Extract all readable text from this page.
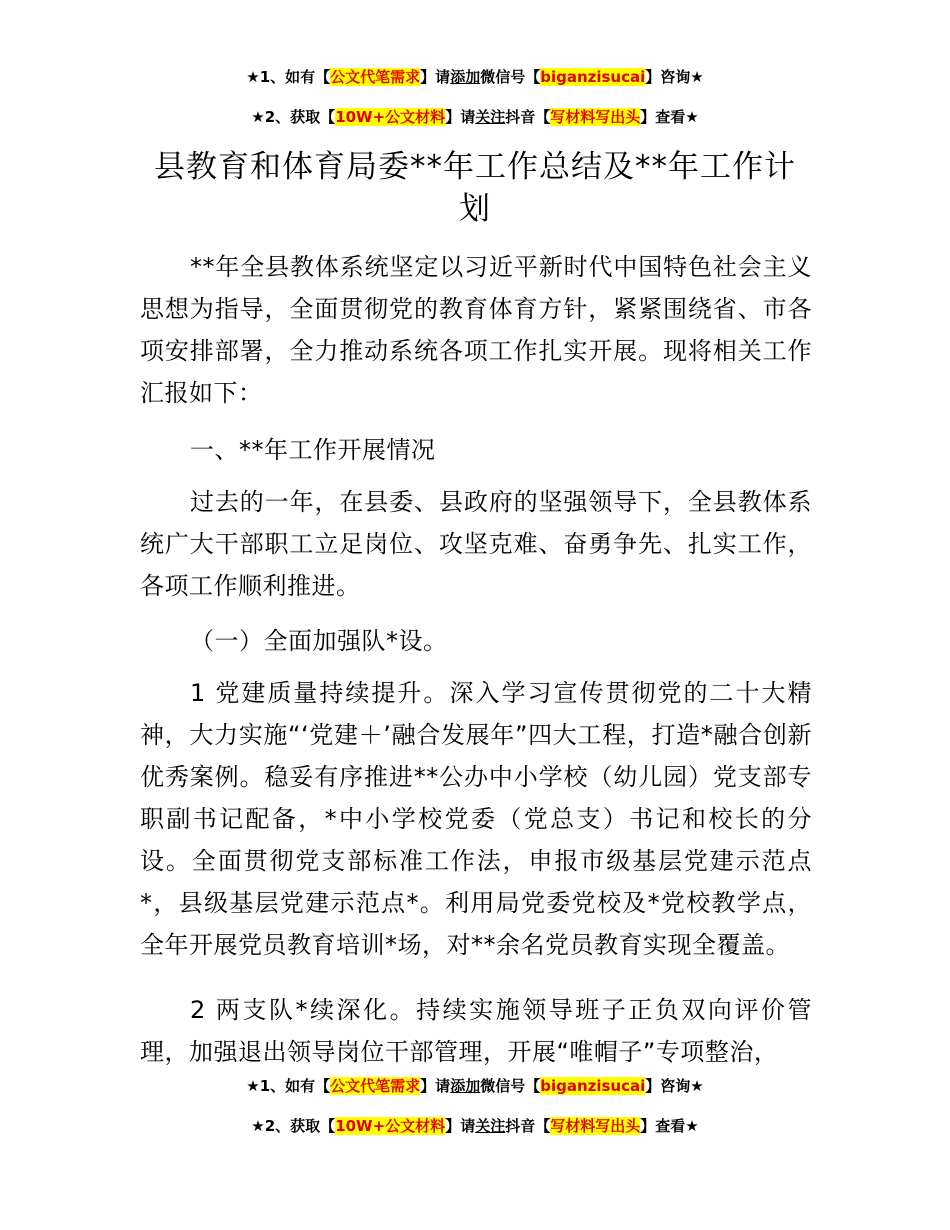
★1、如有【公文代笔需求】请添加微信号【biganzisucai】咨询★
★2、获取【10W+公文材料】请关注抖音【写材料写出头】查看★
县教育和体育局委**年工作总结及**年工作计划
**年全县教体系统坚定以习近平新时代中国特色社会主义思想为指导，全面贯彻党的教育体育方针，紧紧围绕省、市各项安排部署，全力推动系统各项工作扎实开展。现将相关工作汇报如下：
一、**年工作开展情况
过去的一年，在县委、县政府的坚强领导下，全县教体系统广大干部职工立足岗位、攻坚克难、奋勇争先、扎实工作，各项工作顺利推进。
（一）全面加强队*设。
1 党建质量持续提升。深入学习宣传贯彻党的二十大精神，大力实施“‘党建＋’融合发展年”四大工程，打造*融合创新优秀案例。稳妥有序推进**公办中小学校（幼儿园）党支部专职副书记配备，*中小学校党委（党总支）书记和校长的分设。全面贯彻党支部标准工作法，申报市级基层党建示范点*，县级基层党建示范点*。利用局党委党校及*党校教学点，全年开展党员教育培训*场，对**余名党员教育实现全覆盖。
2 两支队*续深化。持续实施领导班子正负双向评价管理，加强退出领导岗位干部管理，开展“唯帽子”专项整治，
★1、如有【公文代笔需求】请添加微信号【biganzisucai】咨询★
★2、获取【10W+公文材料】请关注抖音【写材料写出头】查看★
